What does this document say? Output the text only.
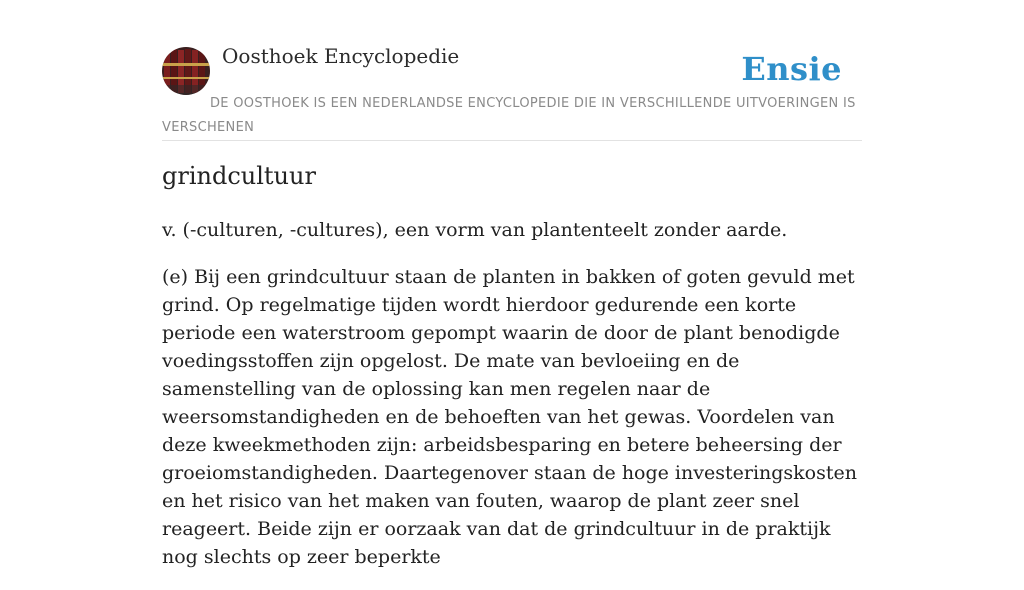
Oosthoek Encyclopedie	Ensie
DE OOSTHOEK IS EEN NEDERLANDSE ENCYCLOPEDIE DIE IN VERSCHILLENDE UITVOERINGEN IS VERSCHENEN
grindcultuur

v. (-culturen, -cultures), een vorm van plantenteelt zonder aarde.

(e) Bij een grindcultuur staan de planten in bakken of goten gevuld met grind. Op regelmatige tijden wordt hierdoor gedurende een korte periode een waterstroom gepompt waarin de door de plant benodigde voedingsstoffen zijn opgelost. De mate van bevloeiing en de samenstelling van de oplossing kan men regelen naar de weersomstandigheden en de behoeften van het gewas. Voordelen van deze kweekmethoden zijn: arbeidsbesparing en betere beheersing der groeiomstandigheden. Daartegenover staan de hoge investeringskosten en het risico van het maken van fouten, waarop de plant zeer snel reageert. Beide zijn er oorzaak van dat de grindcultuur in de praktijk nog slechts op zeer beperkte
